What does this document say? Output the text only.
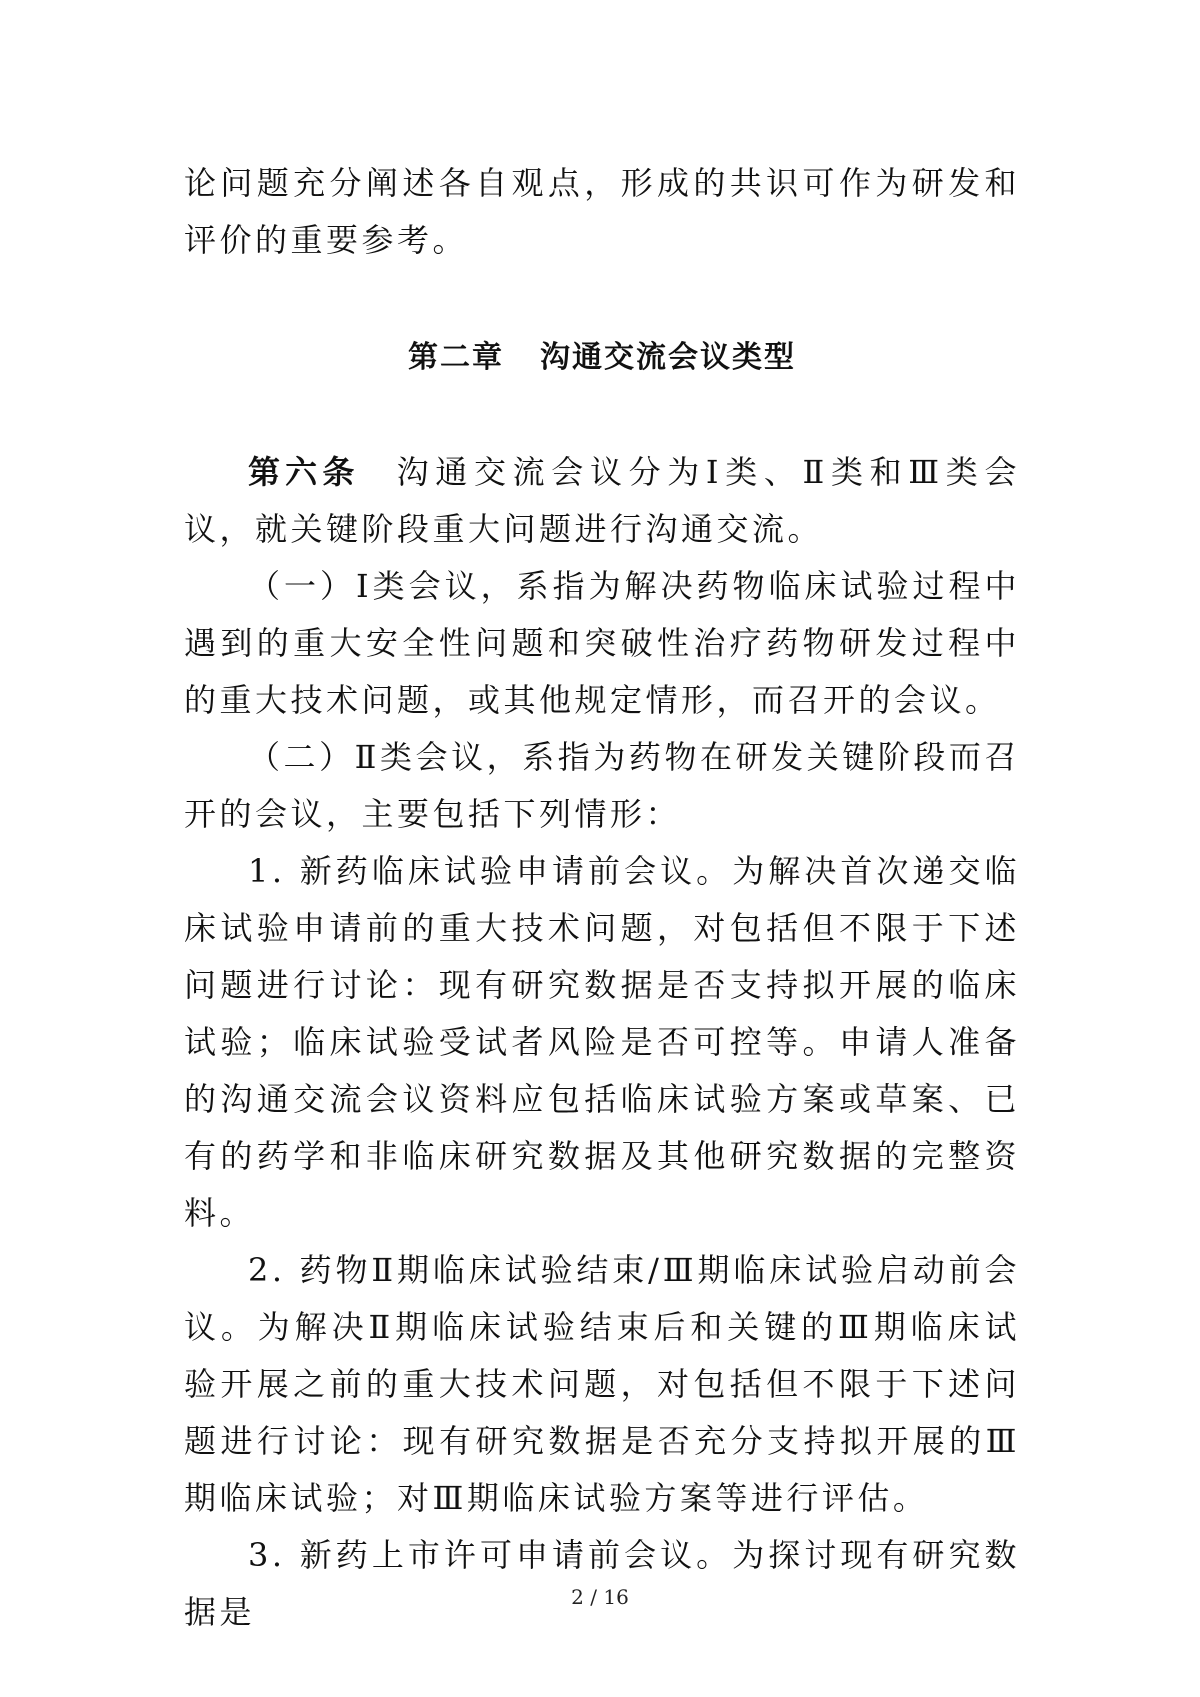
论问题充分阐述各自观点，形成的共识可作为研发和评价的重要参考。

第二章 沟通交流会议类型

第六条 沟通交流会议分为Ⅰ类、Ⅱ类和Ⅲ类会议，就关键阶段重大问题进行沟通交流。

（一）Ⅰ类会议，系指为解决药物临床试验过程中遇到的重大安全性问题和突破性治疗药物研发过程中的重大技术问题，或其他规定情形，而召开的会议。

（二）Ⅱ类会议，系指为药物在研发关键阶段而召开的会议，主要包括下列情形：

1. 新药临床试验申请前会议。为解决首次递交临床试验申请前的重大技术问题，对包括但不限于下述问题进行讨论：现有研究数据是否支持拟开展的临床试验；临床试验受试者风险是否可控等。申请人准备的沟通交流会议资料应包括临床试验方案或草案、已有的药学和非临床研究数据及其他研究数据的完整资料。

2. 药物Ⅱ期临床试验结束/Ⅲ期临床试验启动前会议。为解决Ⅱ期临床试验结束后和关键的Ⅲ期临床试验开展之前的重大技术问题，对包括但不限于下述问题进行讨论：现有研究数据是否充分支持拟开展的Ⅲ期临床试验；对Ⅲ期临床试验方案等进行评估。

3. 新药上市许可申请前会议。为探讨现有研究数据是	2 / 16
